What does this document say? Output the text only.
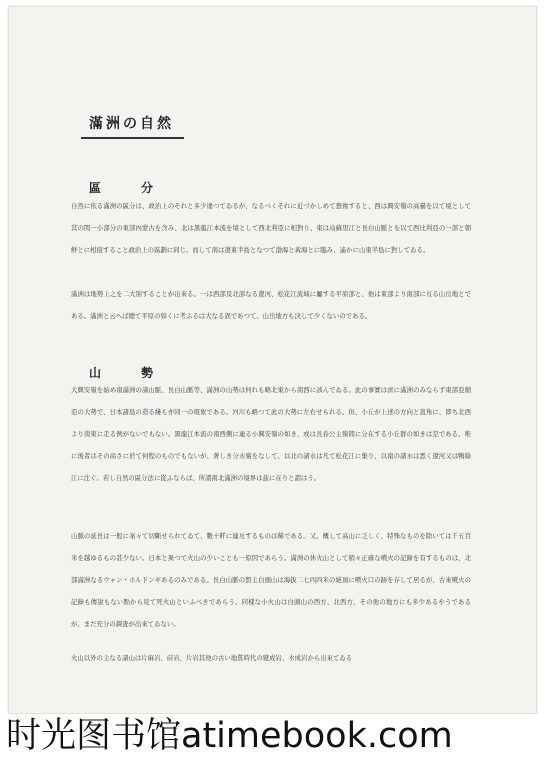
滿洲の自然
區　分

自然に依る滿洲の區分は、政治上のそれと多少違つてゐるが、なるべくそれに近づかしめて想像すると、西は興安嶺の高臺を以て境として其の間一小部分の東部內蒙古を含み、北は黑龍江本流を境として西北利亞に相對り、東は烏蘇里江と長白山脈とを以て西比利亞の一部と朝鮮とに相接すること政治上の區劃に同じ。而して南は遼東半島となつて渤海と黃海とに臨み、遙かに山東半島に對してゐる。

滿洲は地勢上之を二大別することが出來る。一は西部及北部なる遼河、松花江流域に屬する平原部と、他は東部より南部に亙る山岳地とである。滿洲と云へば總て平原の如くに考ふるは大なる誤であつて、山岳地方も決して少くないのである。

山　勢

大興安嶺を始め南滿洲の諸山脈、長白山脈等、滿洲の山勢は何れも略北東から南西に該んでゐる。此の事實は啻に滿洲のみならず東部亞細亞の大勢で、日本諸島の造る綫も亦同一の現象である。河川も略つて此の大勢に左右せられる。但、小丘が上述の方向と直角に、即ち北西より南東に走る例がないでもない。黑龍江本流の南西側に連る小興安嶺の如き、或は長春公主嶺間に分在する小丘群の如きは是である。唯に後者はその高さに於て何程のものでもないが、著しき分水嶺をなして、以北の諸水は凡て松花江に集り、以南の諸水は悉く遼河又は鴨綠江に注ぐ。若し自然の區分法に從ふならば、所謂南北滿洲の境界は茲に在りと謂はう。

山脈の延長は一般に案々て切斷せられてゐて、數十粁に連亙するものは稀である。又、概して高山に乏しく、特殊なものを除いては千五百米を越ゆるもの甚少ない。日本と異つて火山の少いことも一原因であらう。滿洲の休火山として稍々正確な噴火の記錄を有するものは、北部滿洲なるウャン・ホルドンギあるのみである。長白山脈の盟主白頭山は海拔二七四四米の絕頂に噴火口の跡を存して居るが、古來噴火の記錄も傳說もない點から見て死火山といふべきであらう。同樣な小火山は白頭山の西方、北西方、その他の地方にも多少あるやうであるが、まだ充分の調査が出來てゐない。

火山以外の主なる諸山は片麻岩、硅岩、片岩其他の古い地質時代の變成岩、水成岩から出來てゐる

时光图书馆atimebook.com
